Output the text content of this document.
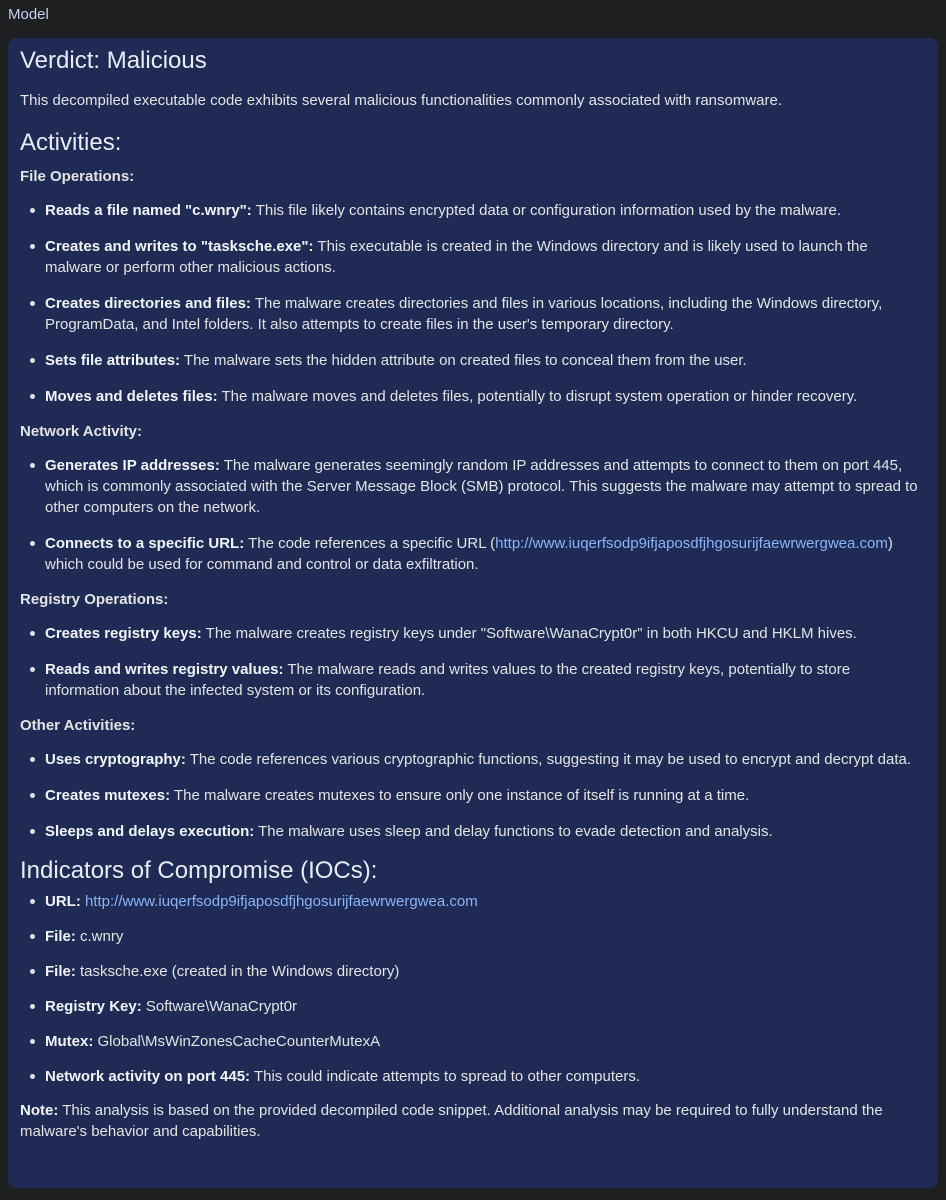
Model
Verdict: Malicious

This decompiled executable code exhibits several malicious functionalities commonly associated with ransomware.

Activities:
File Operations:
Reads a file named "c.wnry": This file likely contains encrypted data or configuration information used by the malware.
Creates and writes to "tasksche.exe": This executable is created in the Windows directory and is likely used to launch the malware or perform other malicious actions.
Creates directories and files: The malware creates directories and files in various locations, including the Windows directory, ProgramData, and Intel folders. It also attempts to create files in the user's temporary directory.
Sets file attributes: The malware sets the hidden attribute on created files to conceal them from the user.
Moves and deletes files: The malware moves and deletes files, potentially to disrupt system operation or hinder recovery.
Network Activity:
Generates IP addresses: The malware generates seemingly random IP addresses and attempts to connect to them on port 445, which is commonly associated with the Server Message Block (SMB) protocol. This suggests the malware may attempt to spread to other computers on the network.
Connects to a specific URL: The code references a specific URL (http://www.iuqerfsodp9ifjaposdfjhgosurijfaewrwergwea.com) which could be used for command and control or data exfiltration.
Registry Operations:
Creates registry keys: The malware creates registry keys under "Software\WanaCrypt0r" in both HKCU and HKLM hives.
Reads and writes registry values: The malware reads and writes values to the created registry keys, potentially to store information about the infected system or its configuration.
Other Activities:
Uses cryptography: The code references various cryptographic functions, suggesting it may be used to encrypt and decrypt data.
Creates mutexes: The malware creates mutexes to ensure only one instance of itself is running at a time.
Sleeps and delays execution: The malware uses sleep and delay functions to evade detection and analysis.
Indicators of Compromise (IOCs):
URL: http://www.iuqerfsodp9ifjaposdfjhgosurijfaewrwergwea.com
File: c.wnry
File: tasksche.exe (created in the Windows directory)
Registry Key: Software\WanaCrypt0r
Mutex: Global\MsWinZonesCacheCounterMutexA
Network activity on port 445: This could indicate attempts to spread to other computers.

Note: This analysis is based on the provided decompiled code snippet. Additional analysis may be required to fully understand the malware's behavior and capabilities.
